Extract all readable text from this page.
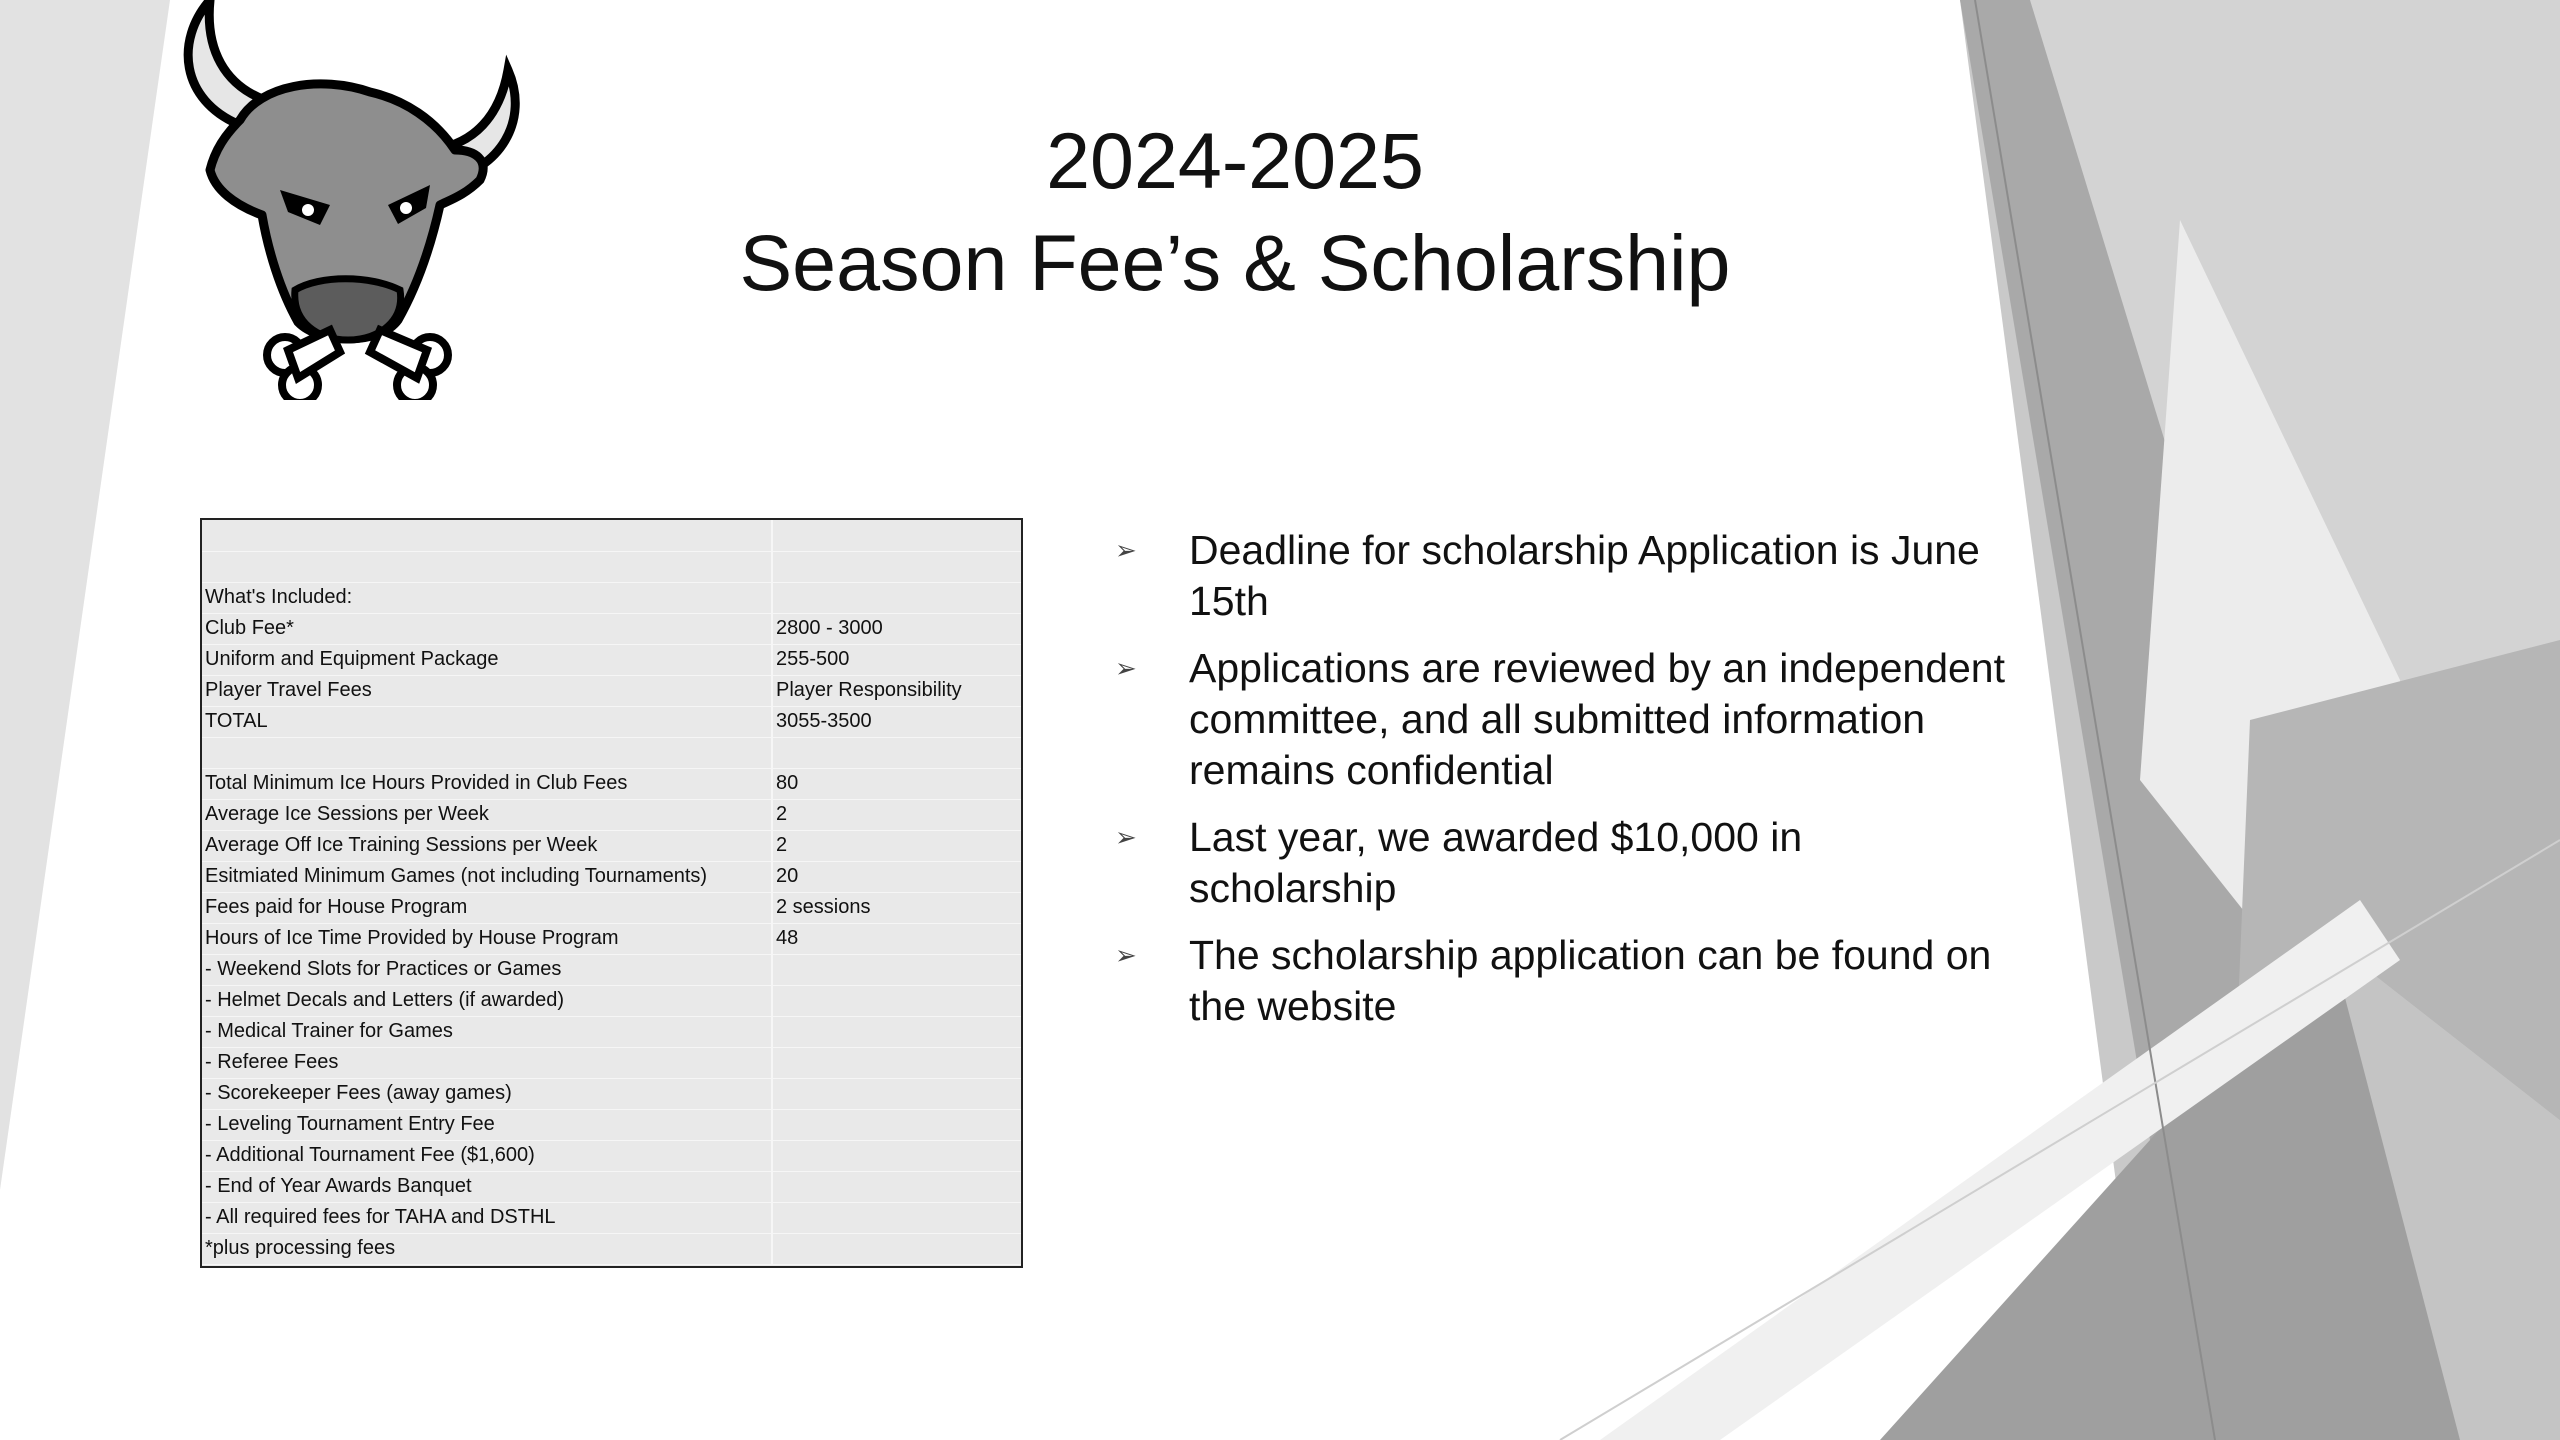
2024-2025
Season Fee’s & Scholarship

What's Included:	
Club Fee*	2800 - 3000
Uniform and Equipment Package	255-500
Player Travel Fees	Player Responsibility
TOTAL	3055-3500

Total Minimum Ice Hours Provided in Club Fees	80
Average Ice Sessions per Week	2
Average Off Ice Training Sessions per Week	2
Esitmiated Minimum Games (not including Tournaments)	20
Fees paid for House Program	2 sessions
Hours of Ice Time Provided by House Program	48
- Weekend Slots for Practices or Games	
- Helmet Decals and Letters (if awarded)	
- Medical Trainer for Games	
- Referee Fees	
- Scorekeeper Fees (away games)	
- Leveling Tournament Entry Fee	
- Additional Tournament Fee ($1,600)	
- End of Year Awards Banquet	
- All required fees for TAHA and DSTHL	
*plus processing fees	
➢ Deadline for scholarship Application is June 15th
➢ Applications are reviewed by an independent committee, and all submitted information remains confidential
➢ Last year, we awarded $10,000 in scholarship
➢ The scholarship application can be found on the website
